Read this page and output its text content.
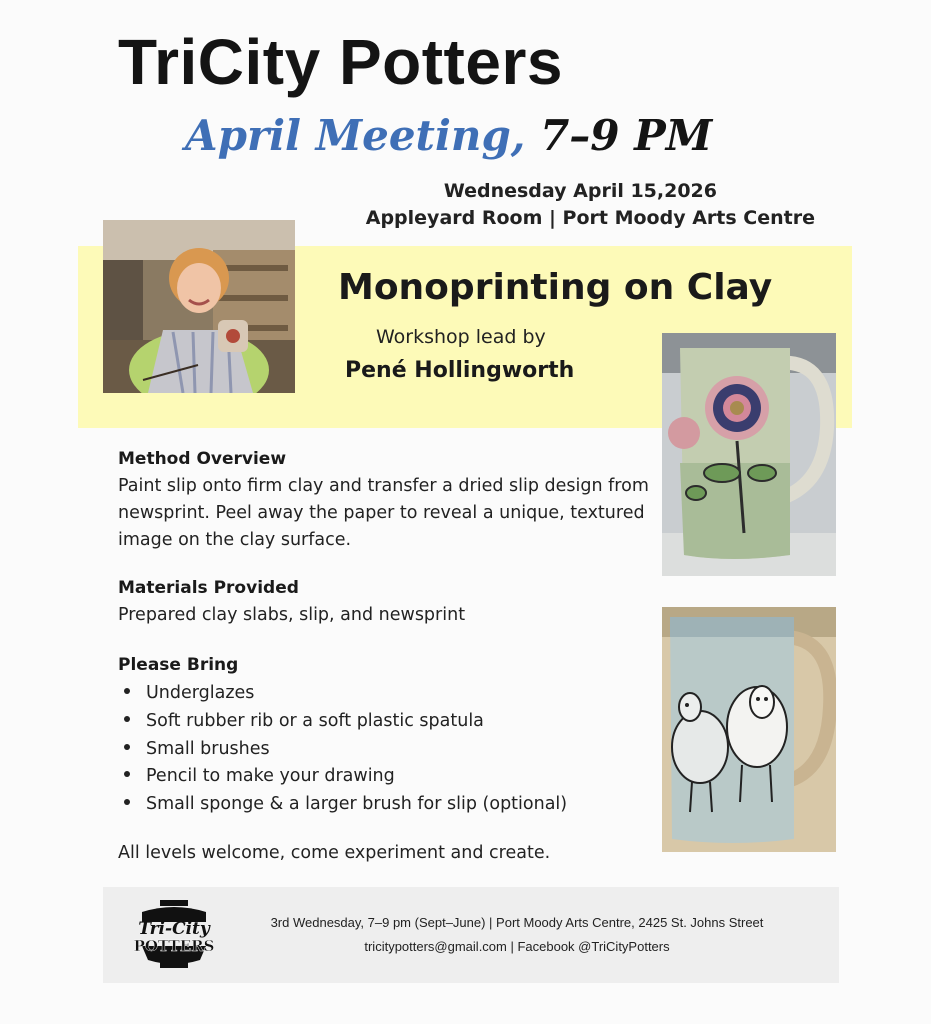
TriCity Potters
April Meeting, 7–9 PM
Wednesday April 15,2026
Appleyard Room | Port Moody Arts Centre
Monoprinting on Clay
Workshop lead by
Pené Hollingworth
Method Overview
Paint slip onto firm clay and transfer a dried slip design from newsprint. Peel away the paper to reveal a unique, textured image on the clay surface.
Materials Provided
Prepared clay slabs, slip, and newsprint
Please Bring
Underglazes
Soft rubber rib or a soft plastic spatula
Small brushes
Pencil to make your drawing
Small sponge & a larger brush for slip (optional)
All levels welcome, come experiment and create.
Tri-City
POTTERS
3rd Wednesday, 7–9 pm (Sept–June) | Port Moody Arts Centre, 2425 St. Johns Street
tricitypotters@gmail.com | Facebook @TriCityPotters
